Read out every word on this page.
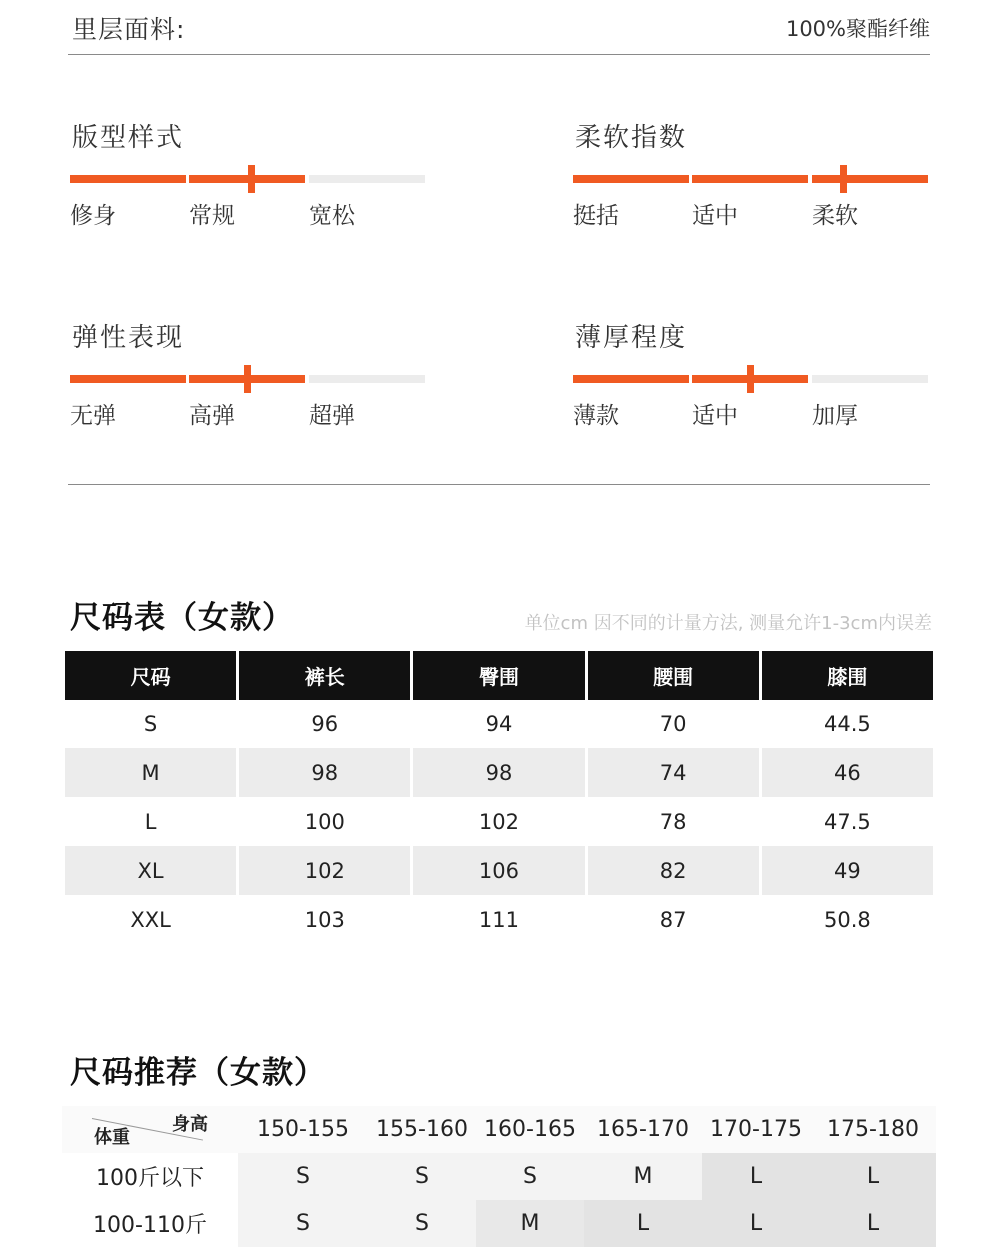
里层面料:	100%聚酯纤维
版型样式
修身	常规	宽松
柔软指数
挺括	适中	柔软
弹性表现
无弹	高弹	超弹
薄厚程度
薄款	适中	加厚
尺码表（女款）	单位cm 因不同的计量方法, 测量允许1-3cm内误差
尺码	裤长	臀围	腰围	膝围
S	96	94	70	44.5
M	98	98	74	46
L	100	102	78	47.5
XL	102	106	82	49
XXL	103	111	87	50.8
尺码推荐（女款）
身高
体重	150-155	155-160	160-165	165-170	170-175	175-180
100斤以下	S	S	S	M	L	L
100-110斤	S	S	M	L	L	L
